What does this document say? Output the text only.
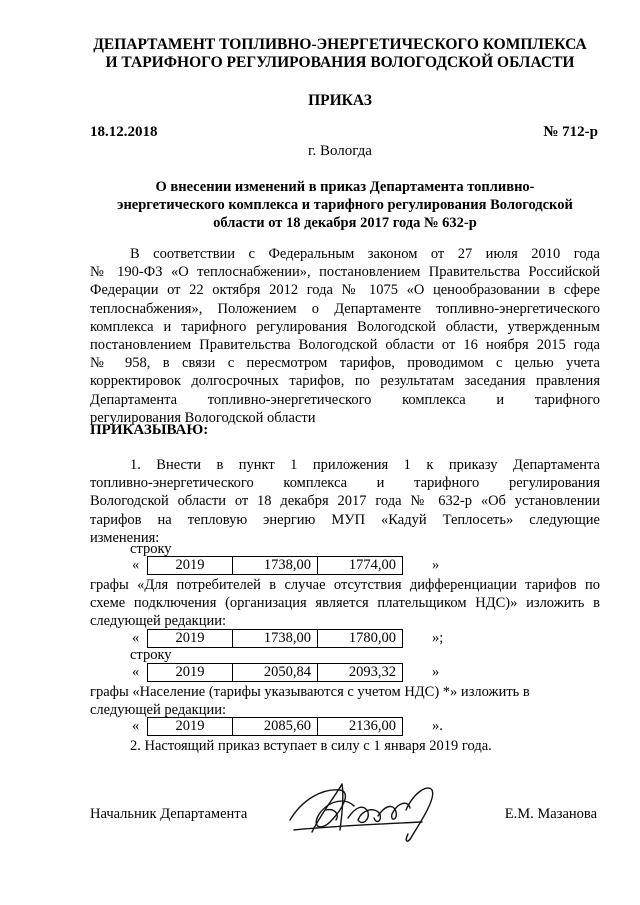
ДЕПАРТАМЕНТ ТОПЛИВНО-ЭНЕРГЕТИЧЕСКОГО КОМПЛЕКСА
И ТАРИФНОГО РЕГУЛИРОВАНИЯ ВОЛОГОДСКОЙ ОБЛАСТИ
ПРИКАЗ
18.12.2018	№ 712-р
г. Вологда
О внесении изменений в приказ Департамента топливно-
энергетического комплекса и тарифного регулирования Вологодской
области от 18 декабря 2017 года № 632-р
В соответствии с Федеральным законом от 27 июля 2010 года
№ 190-ФЗ «О теплоснабжении», постановлением Правительства Российской
Федерации от 22 октября 2012 года № 1075 «О ценообразовании в сфере
теплоснабжения», Положением о Департаменте топливно-энергетического
комплекса и тарифного регулирования Вологодской области, утвержденным
постановлением Правительства Вологодской области от 16 ноября 2015 года
№ 958, в связи с пересмотром тарифов, проводимом с целью учета
корректировок долгосрочных тарифов, по результатам заседания правления
Департамента топливно-энергетического комплекса и тарифного
регулирования Вологодской области
ПРИКАЗЫВАЮ:
1. Внести в пункт 1 приложения 1 к приказу Департамента
топливно-энергетического комплекса и тарифного регулирования
Вологодской области от 18 декабря 2017 года № 632-р «Об установлении
тарифов на тепловую энергию МУП «Кадуй Теплосеть» следующие
изменения:
строку
«	2019	1738,00	1774,00 »
графы «Для потребителей в случае отсутствия дифференциации тарифов по
схеме подключения (организация является плательщиком НДС)» изложить в
следующей редакции:
«	2019	1738,00	1780,00 »;
строку
«	2019	2050,84	2093,32 »
графы «Население (тарифы указываются с учетом НДС) *» изложить в
следующей редакции:
«	2019	2085,60	2136,00 ».
2. Настоящий приказ вступает в силу с 1 января 2019 года.
Начальник Департамента	Е.М. Мазанова
